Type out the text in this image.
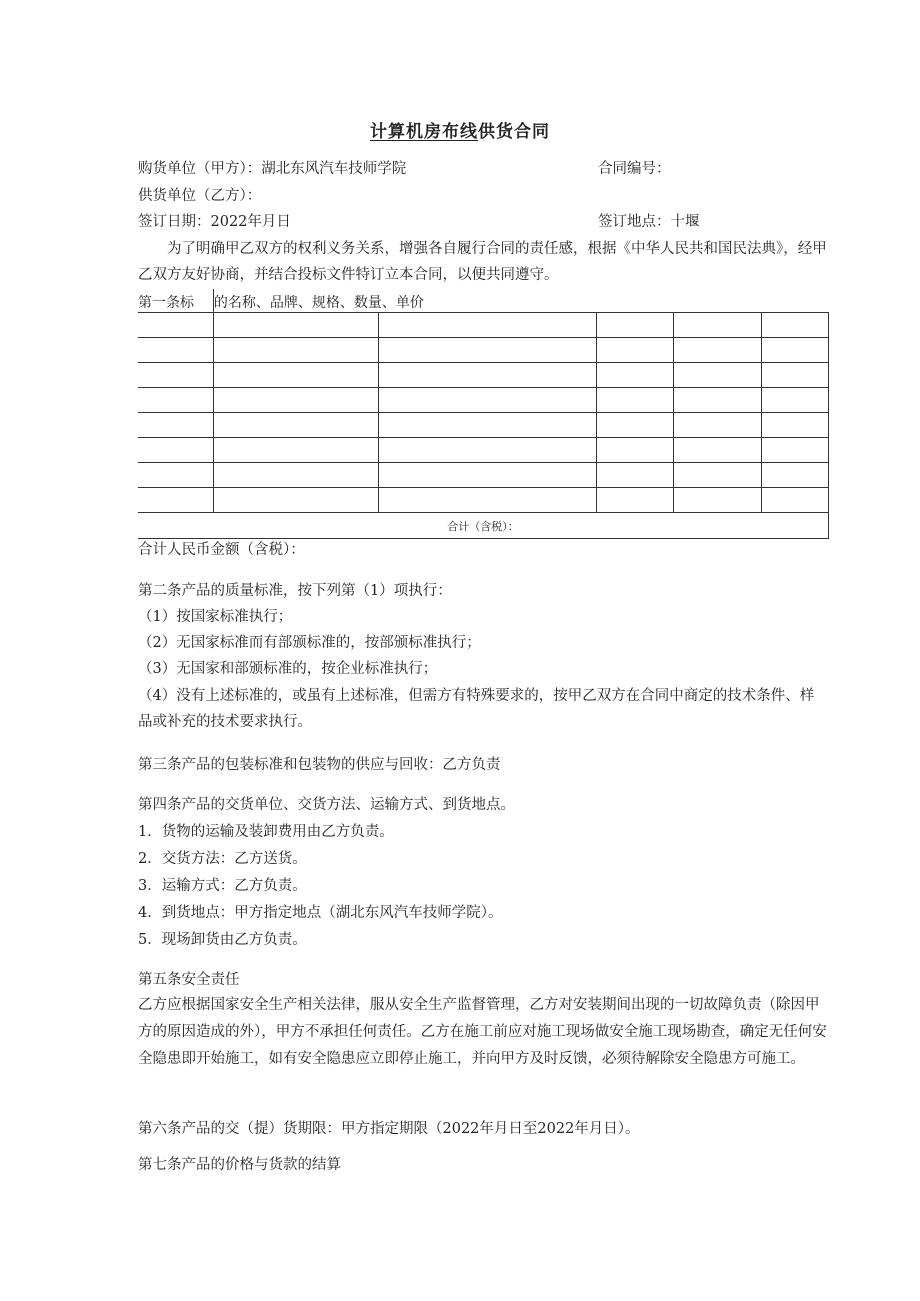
计算机房布线供货合同
购货单位（甲方）：湖北东风汽车技师学院	合同编号：
供货单位（乙方）：
签订日期：2022年月日	签订地点：十堰
为了明确甲乙双方的权利义务关系，增强各自履行合同的责任感，根据《中华人民共和国民法典》，经甲乙双方友好协商，并结合投标文件特订立本合同，以便共同遵守。
第一条标	的名称、品牌、规格、数量、单价				

合计（含税）：					
合计人民币金额（含税）：
第二条产品的质量标准，按下列第（1）项执行：
（1）按国家标准执行；
（2）无国家标准而有部颁标准的，按部颁标准执行；
（3）无国家和部颁标准的，按企业标准执行；
（4）没有上述标准的，或虽有上述标准，但需方有特殊要求的，按甲乙双方在合同中商定的技术条件、样品或补充的技术要求执行。
第三条产品的包装标准和包装物的供应与回收：乙方负责
第四条产品的交货单位、交货方法、运输方式、到货地点。
1．货物的运输及装卸费用由乙方负责。
2．交货方法：乙方送货。
3．运输方式：乙方负责。
4．到货地点：甲方指定地点（湖北东风汽车技师学院）。
5．现场卸货由乙方负责。
第五条安全责任
乙方应根据国家安全生产相关法律，服从安全生产监督管理，乙方对安装期间出现的一切故障负责（除因甲方的原因造成的外），甲方不承担任何责任。乙方在施工前应对施工现场做安全施工现场勘查，确定无任何安全隐患即开始施工，如有安全隐患应立即停止施工，并向甲方及时反馈，必须待解除安全隐患方可施工。
第六条产品的交（提）货期限：甲方指定期限（2022年月日至2022年月日）。
第七条产品的价格与货款的结算
